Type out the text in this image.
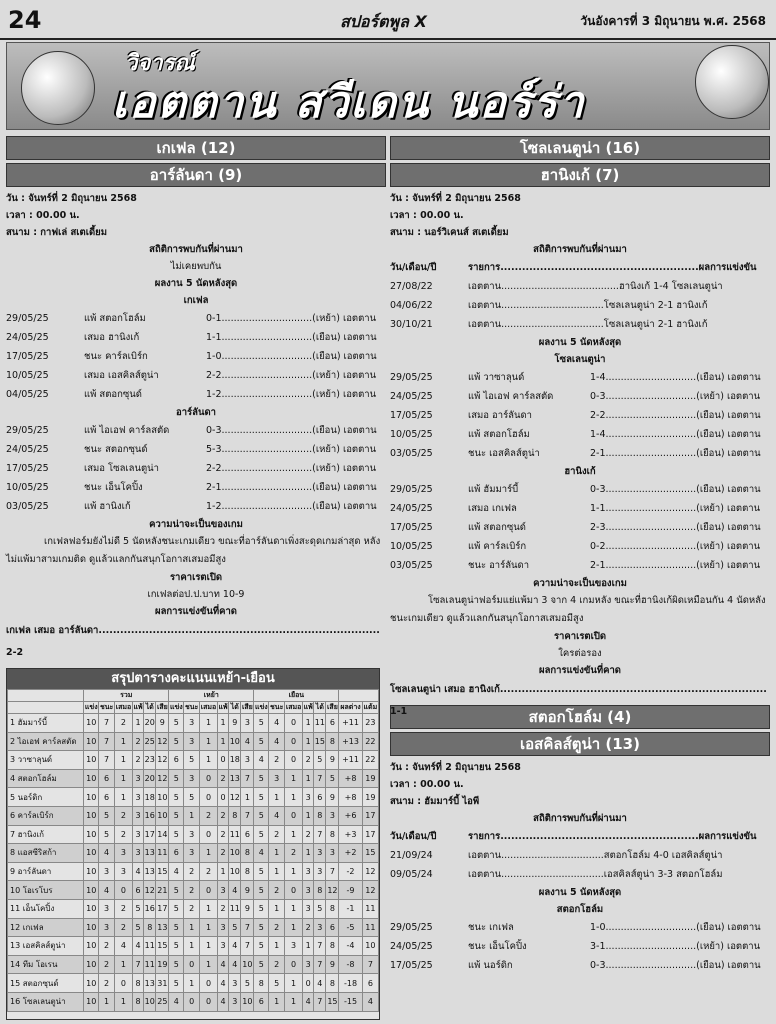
24	สปอร์ตพูล X	วันอังคารที่ 3 มิถุนายน พ.ศ. 2568
วิจารณ์
เอตตาน สวีเดน นอร์ร่า
เกเฟล (12)
อาร์ลันดา (9)
วัน : จันทร์ที่ 2 มิถุนายน 2568
เวลา : 00.00 น.
สนาม : กาฟเล่ สเตเดี้ยม
สถิติการพบกันที่ผ่านมา
ไม่เคยพบกัน
ผลงาน 5 นัดหลังสุด
เกเฟล
29/05/25	แพ้ สตอกโฮล์ม	0-1..............................(เหย้า) เอตตาน
24/05/25	เสมอ ฮานิงเก้	1-1..............................(เยือน) เอตตาน
17/05/25	ชนะ คาร์ลเบิร์ก	1-0..............................(เยือน) เอตตาน
10/05/25	เสมอ เอสคิลส์ตูน่า	2-2..............................(เหย้า) เอตตาน
04/05/25	แพ้ สตอกซุนด์	1-2..............................(เหย้า) เอตตาน
อาร์ลันดา
29/05/25	แพ้ ไอเอฟ คาร์ลสตัด	0-3..............................(เยือน) เอตตาน
24/05/25	ชนะ สตอกซุนด์	5-3..............................(เหย้า) เอตตาน
17/05/25	เสมอ โซลเลนตูน่า	2-2..............................(เหย้า) เอตตาน
10/05/25	ชนะ เอ็นโคปิ้ง	2-1..............................(เยือน) เอตตาน
03/05/25	แพ้ ฮานิงเก้	1-2..............................(เยือน) เอตตาน
ความน่าจะเป็นของเกม
เกเฟลฟอร์มยังไม่ดี 5 นัดหลังชนะเกมเดียว ขณะที่อาร์ลันดาเพิ่งสะดุดเกมล่าสุด หลังไม่แพ้มาสามเกมติด ดูแล้วแลกกันสนุกโอกาสเสมอมีสูง
ราคาเรตเปิด
เกเฟลต่อป.ป.บาท 10-9
ผลการแข่งขันที่คาด
เกเฟล เสมอ อาร์ลันดา.............................................................................. 2-2
สรุปตารางคะแนนเหย้า-เยือน
	รวม						เหย้า						เยือน							
	แข่ง	ชนะ	เสมอ	แพ้	ได้	เสีย	แข่ง	ชนะ	เสมอ	แพ้	ได้	เสีย	แข่ง	ชนะ	เสมอ	แพ้	ได้	เสีย	ผลต่าง	แต้ม
1 ฮัมมาร์บี้	10	7	2	1	20	9	5	3	1	1	9	3	5	4	0	1	11	6	+11	23
2 ไอเอฟ คาร์ลสตัด	10	7	1	2	25	12	5	3	1	1	10	4	5	4	0	1	15	8	+13	22
3 วาซาลุนด์	10	7	1	2	23	12	6	5	1	0	18	3	4	2	0	2	5	9	+11	22
4 สตอกโฮล์ม	10	6	1	3	20	12	5	3	0	2	13	7	5	3	1	1	7	5	+8	19
5 นอร์ดิก	10	6	1	3	18	10	5	5	0	0	12	1	5	1	1	3	6	9	+8	19
6 คาร์ลเบิร์ก	10	5	2	3	16	10	5	1	2	2	8	7	5	4	0	1	8	3	+6	17
7 ฮานิงเก้	10	5	2	3	17	14	5	3	0	2	11	6	5	2	1	2	7	8	+3	17
8 แอสซีริสก้า	10	4	3	3	13	11	6	3	1	2	10	8	4	1	2	1	3	3	+2	15
9 อาร์ลันดา	10	3	3	4	13	15	4	2	2	1	10	8	5	1	1	3	3	7	-2	12
10 โอเรโบร	10	4	0	6	12	21	5	2	0	3	4	9	5	2	0	3	8	12	-9	12
11 เอ็นโคปิ้ง	10	3	2	5	16	17	5	2	1	2	11	9	5	1	1	3	5	8	-1	11
12 เกเฟล	10	3	2	5	8	13	5	1	1	3	5	7	5	2	1	2	3	6	-5	11
13 เอสคิลส์ตูน่า	10	2	4	4	11	15	5	1	1	3	4	7	5	1	3	1	7	8	-4	10
14 ทีม โอเรน	10	2	1	7	11	19	5	0	1	4	4	10	5	2	0	3	7	9	-8	7
15 สตอกซุนด์	10	2	0	8	13	31	5	1	0	4	3	5	8	5	1	0	4	8	-18	6
16 โซลเลนตูน่า	10	1	1	8	10	25	4	0	0	4	3	10	6	1	1	4	7	15	-15	4
โซลเลนตูน่า (16)
ฮานิงเก้ (7)
วัน : จันทร์ที่ 2 มิถุนายน 2568
เวลา : 00.00 น.
สนาม : นอร์วิเคนส์ สเตเดี้ยม
สถิติการพบกันที่ผ่านมา
วัน/เดือน/ปี	รายการ.......................................................ผลการแข่งขัน
27/08/22	เอตตาน.......................................ฮานิงเก้ 1-4 โซลเลนตูน่า
04/06/22	เอตตาน..................................โซลเลนตูน่า 2-1 ฮานิงเก้
30/10/21	เอตตาน..................................โซลเลนตูน่า 2-1 ฮานิงเก้
ผลงาน 5 นัดหลังสุด
โซลเลนตูน่า
29/05/25	แพ้ วาซาลุนด์	1-4..............................(เยือน) เอตตาน
24/05/25	แพ้ ไอเอฟ คาร์ลสตัด	0-3..............................(เหย้า) เอตตาน
17/05/25	เสมอ อาร์ลันดา	2-2..............................(เยือน) เอตตาน
10/05/25	แพ้ สตอกโฮล์ม	1-4..............................(เยือน) เอตตาน
03/05/25	ชนะ เอสคิลส์ตูน่า	2-1..............................(เยือน) เอตตาน
ฮานิงเก้
29/05/25	แพ้ ฮัมมาร์บี้	0-3..............................(เยือน) เอตตาน
24/05/25	เสมอ เกเฟล	1-1..............................(เหย้า) เอตตาน
17/05/25	แพ้ สตอกซุนด์	2-3..............................(เยือน) เอตตาน
10/05/25	แพ้ คาร์ลเบิร์ก	0-2..............................(เหย้า) เอตตาน
03/05/25	ชนะ อาร์ลันดา	2-1..............................(เหย้า) เอตตาน
ความน่าจะเป็นของเกม
โซลเลนตูน่าฟอร์มแย่แพ้มา 3 จาก 4 เกมหลัง ขณะที่ฮานิงเก้ผิดเหมือนกัน 4 นัดหลังชนะเกมเดียว ดูแล้วแลกกันสนุกโอกาสเสมอมีสูง
ราคาเรตเปิด
ใครต่อรอง
ผลการแข่งขันที่คาด
โซลเลนตูน่า เสมอ ฮานิงเก้.......................................................................... 1-1	สตอกโฮล์ม (4)
เอสคิลส์ตูน่า (13)
วัน : จันทร์ที่ 2 มิถุนายน 2568
เวลา : 00.00 น.
สนาม : ฮัมมาร์บี้ ไอพี
สถิติการพบกันที่ผ่านมา
วัน/เดือน/ปี	รายการ.......................................................ผลการแข่งขัน
21/09/24	เอตตาน..................................สตอกโฮล์ม 4-0 เอสคิลส์ตูน่า
09/05/24	เอตตาน..................................เอสคิลส์ตูน่า 3-3 สตอกโฮล์ม
ผลงาน 5 นัดหลังสุด
สตอกโฮล์ม
29/05/25	ชนะ เกเฟล	1-0..............................(เยือน) เอตตาน
24/05/25	ชนะ เอ็นโคปิ้ง	3-1..............................(เหย้า) เอตตาน
17/05/25	แพ้ นอร์ดิก	0-3..............................(เยือน) เอตตาน
